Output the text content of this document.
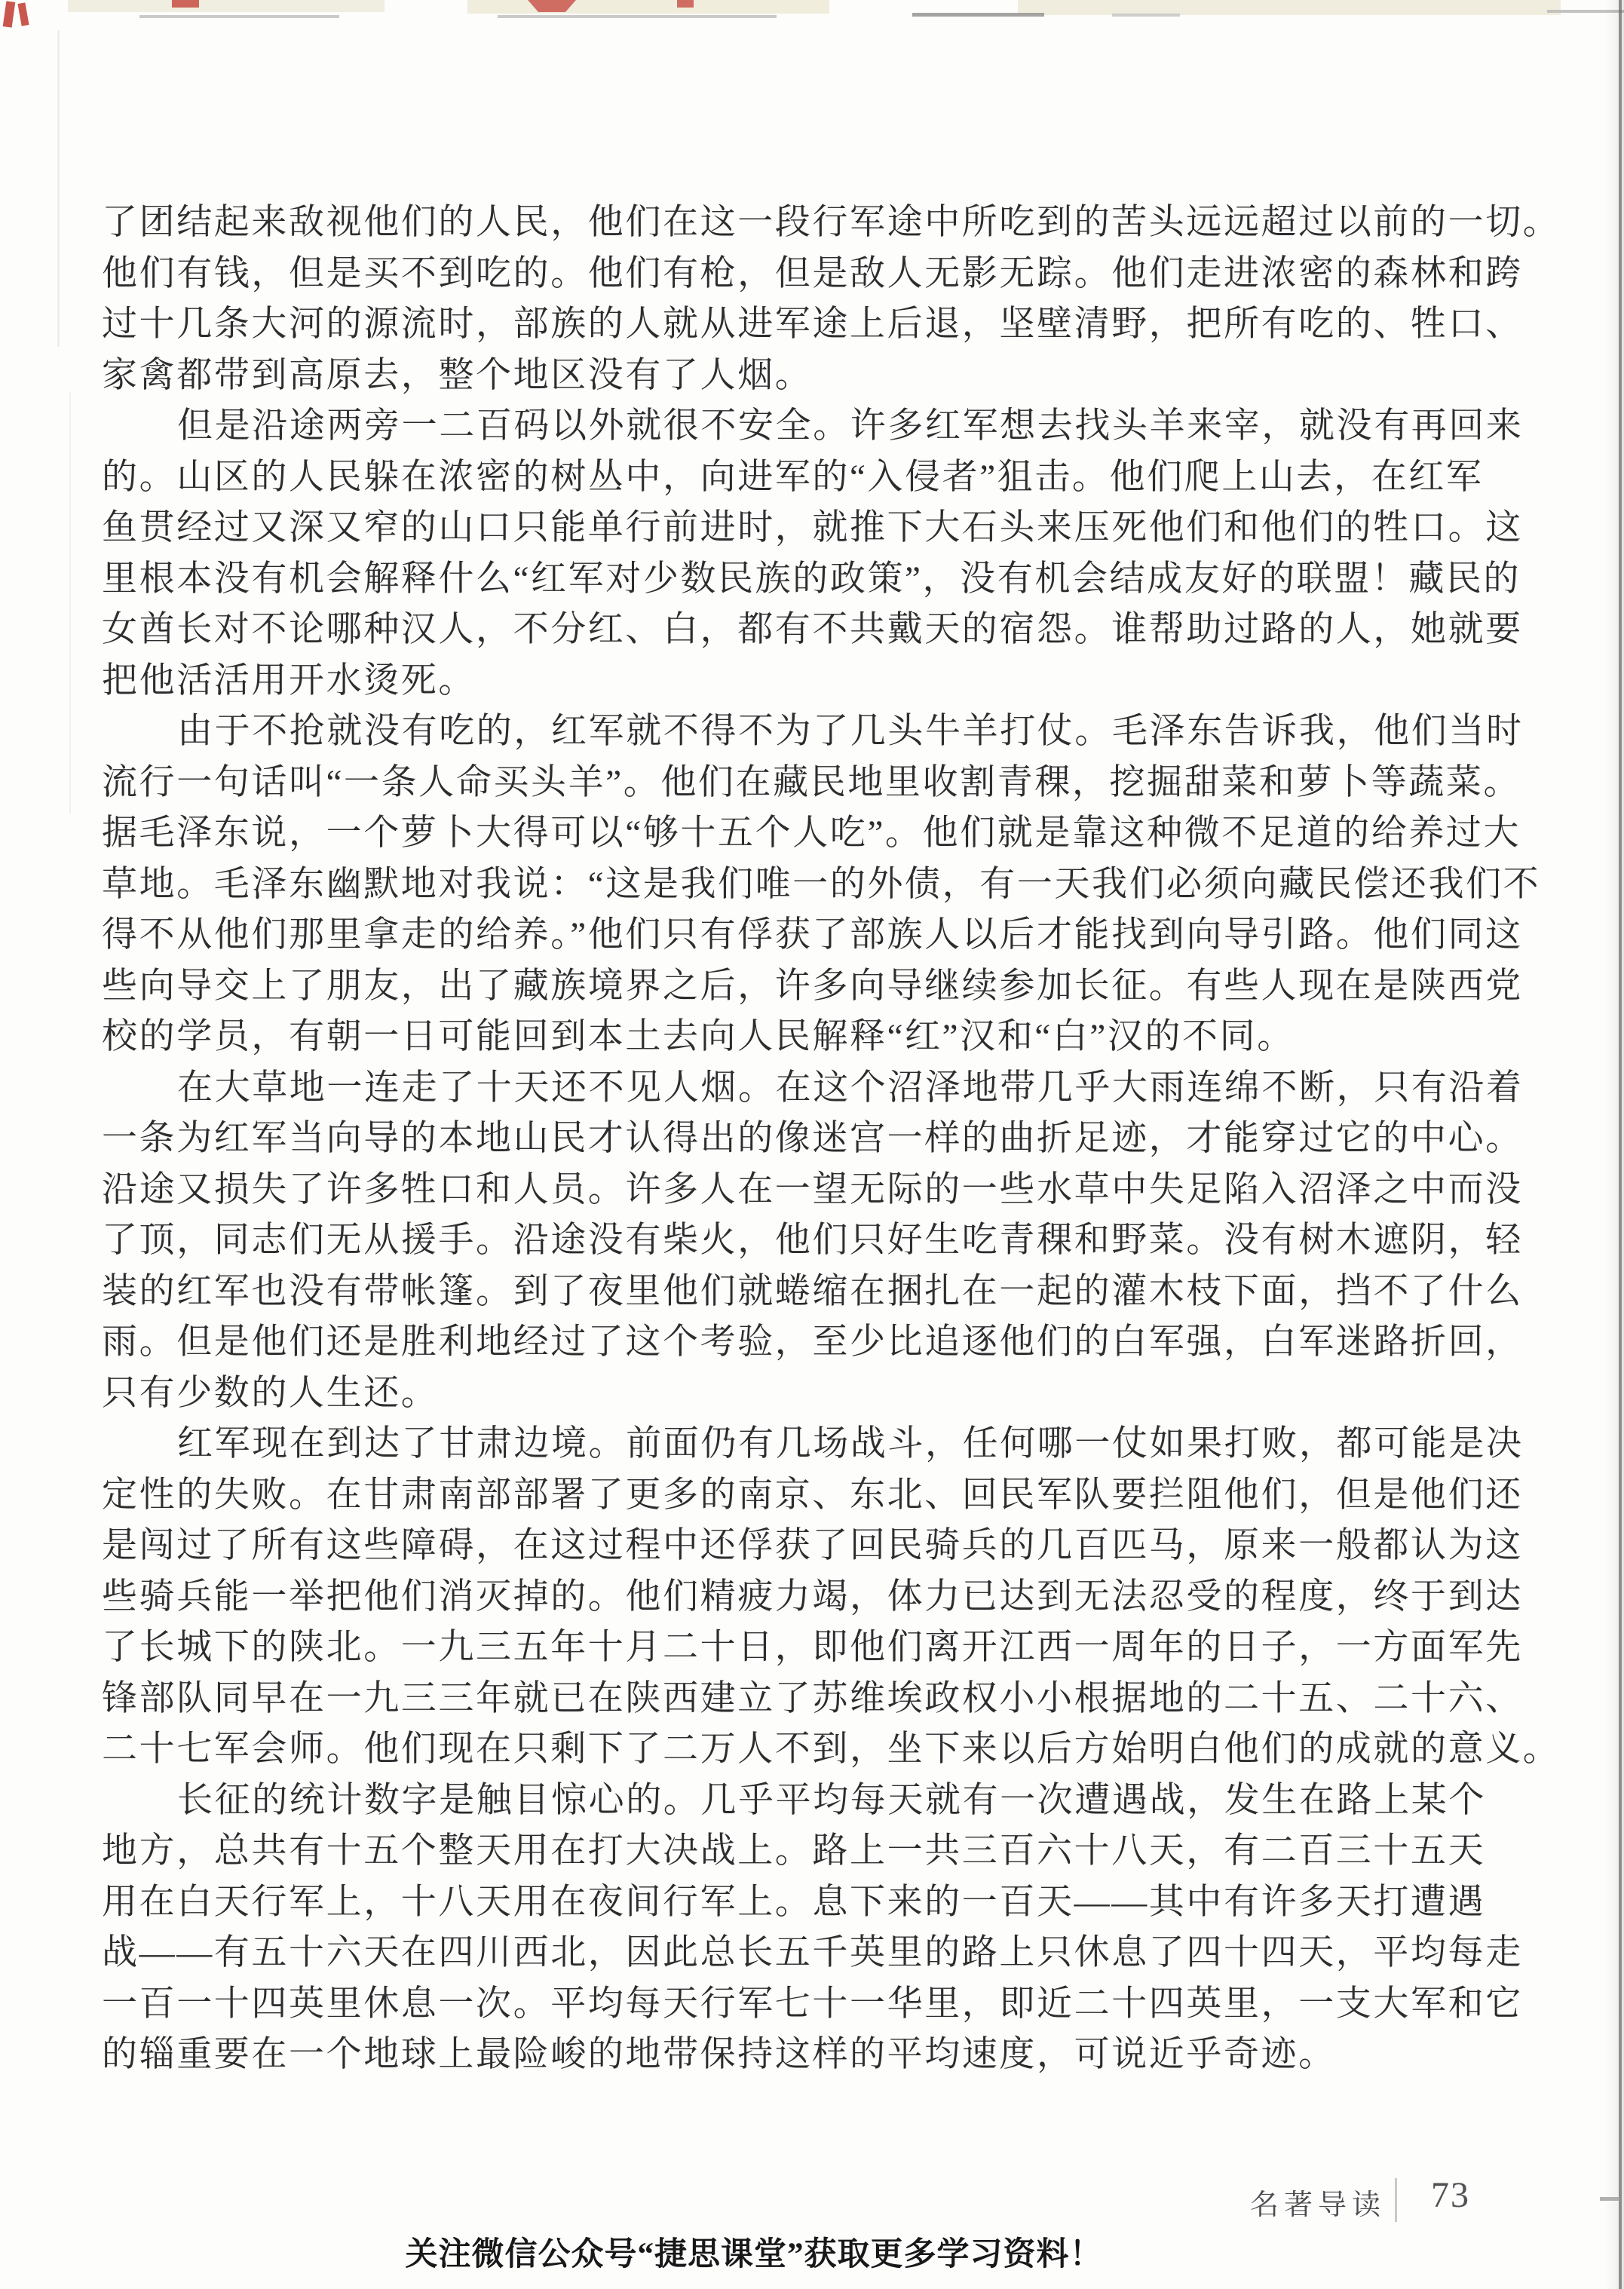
了团结起来敌视他们的人民，他们在这一段行军途中所吃到的苦头远远超过以前的一切。
他们有钱，但是买不到吃的。他们有枪，但是敌人无影无踪。他们走进浓密的森林和跨
过十几条大河的源流时，部族的人就从进军途上后退，坚壁清野，把所有吃的、牲口、
家禽都带到高原去，整个地区没有了人烟。

但是沿途两旁一二百码以外就很不安全。许多红军想去找头羊来宰，就没有再回来
的。山区的人民躲在浓密的树丛中，向进军的“入侵者”狙击。他们爬上山去，在红军
鱼贯经过又深又窄的山口只能单行前进时，就推下大石头来压死他们和他们的牲口。这
里根本没有机会解释什么“红军对少数民族的政策”，没有机会结成友好的联盟！藏民的
女酋长对不论哪种汉人，不分红、白，都有不共戴天的宿怨。谁帮助过路的人，她就要
把他活活用开水烫死。

由于不抢就没有吃的，红军就不得不为了几头牛羊打仗。毛泽东告诉我，他们当时
流行一句话叫“一条人命买头羊”。他们在藏民地里收割青稞，挖掘甜菜和萝卜等蔬菜。
据毛泽东说，一个萝卜大得可以“够十五个人吃”。他们就是靠这种微不足道的给养过大
草地。毛泽东幽默地对我说：“这是我们唯一的外债，有一天我们必须向藏民偿还我们不
得不从他们那里拿走的给养。”他们只有俘获了部族人以后才能找到向导引路。他们同这
些向导交上了朋友，出了藏族境界之后，许多向导继续参加长征。有些人现在是陕西党
校的学员，有朝一日可能回到本土去向人民解释“红”汉和“白”汉的不同。

在大草地一连走了十天还不见人烟。在这个沼泽地带几乎大雨连绵不断，只有沿着
一条为红军当向导的本地山民才认得出的像迷宫一样的曲折足迹，才能穿过它的中心。
沿途又损失了许多牲口和人员。许多人在一望无际的一些水草中失足陷入沼泽之中而没
了顶，同志们无从援手。沿途没有柴火，他们只好生吃青稞和野菜。没有树木遮阴，轻
装的红军也没有带帐篷。到了夜里他们就蜷缩在捆扎在一起的灌木枝下面，挡不了什么
雨。但是他们还是胜利地经过了这个考验，至少比追逐他们的白军强，白军迷路折回，
只有少数的人生还。

红军现在到达了甘肃边境。前面仍有几场战斗，任何哪一仗如果打败，都可能是决
定性的失败。在甘肃南部部署了更多的南京、东北、回民军队要拦阻他们，但是他们还
是闯过了所有这些障碍，在这过程中还俘获了回民骑兵的几百匹马，原来一般都认为这
些骑兵能一举把他们消灭掉的。他们精疲力竭，体力已达到无法忍受的程度，终于到达
了长城下的陕北。一九三五年十月二十日，即他们离开江西一周年的日子，一方面军先
锋部队同早在一九三三年就已在陕西建立了苏维埃政权小小根据地的二十五、二十六、
二十七军会师。他们现在只剩下了二万人不到，坐下来以后方始明白他们的成就的意义。

长征的统计数字是触目惊心的。几乎平均每天就有一次遭遇战，发生在路上某个
地方，总共有十五个整天用在打大决战上。路上一共三百六十八天，有二百三十五天
用在白天行军上，十八天用在夜间行军上。息下来的一百天——其中有许多天打遭遇
战——有五十六天在四川西北，因此总长五千英里的路上只休息了四十四天，平均每走
一百一十四英里休息一次。平均每天行军七十一华里，即近二十四英里，一支大军和它
的辎重要在一个地球上最险峻的地带保持这样的平均速度，可说近乎奇迹。

名著导读 73
关注微信公众号“捷思课堂”获取更多学习资料！
